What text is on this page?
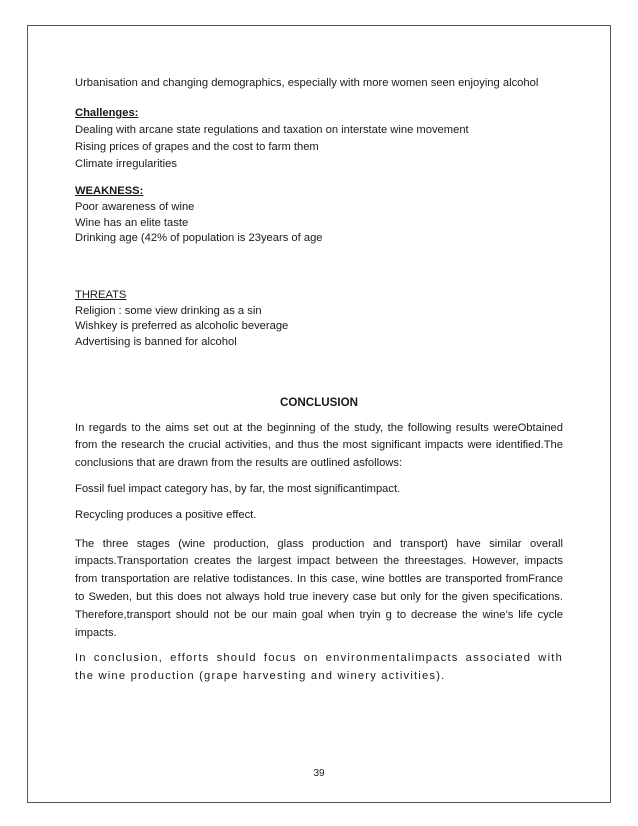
Urbanisation and changing demographics, especially with more women seen enjoying alcohol

Challenges:

Dealing with arcane state regulations and taxation on interstate wine movement

Rising prices of grapes and the cost to farm them

Climate irregularities

WEAKNESS:

Poor awareness of wine

Wine has an elite taste

Drinking age (42% of population is 23years of age

THREATS

Religion : some view drinking as a sin

Wishkey is preferred as alcoholic beverage

Advertising is banned for alcohol

CONCLUSION

In regards to the aims set out at the beginning of the study, the following results wereObtained from the research the crucial activities, and thus the most significant impacts were identified.The conclusions that are drawn from the results are outlined asfollows:

Fossil fuel impact category has, by far, the most significantimpact.

Recycling produces a positive effect.

The three stages (wine production, glass production and transport) have similar overall impacts.Transportation creates the largest impact between the threestages. However, impacts from transportation are relative todistances. In this case, wine bottles are transported fromFrance to Sweden, but this does not always hold true inevery case but only for the given specifications. Therefore,transport should not be our main goal when tryin g to decrease the wine’s life cycle impacts.

In conclusion, efforts should focus on environmentalimpacts associated with the wine production (grape harvesting and winery activities).

39
